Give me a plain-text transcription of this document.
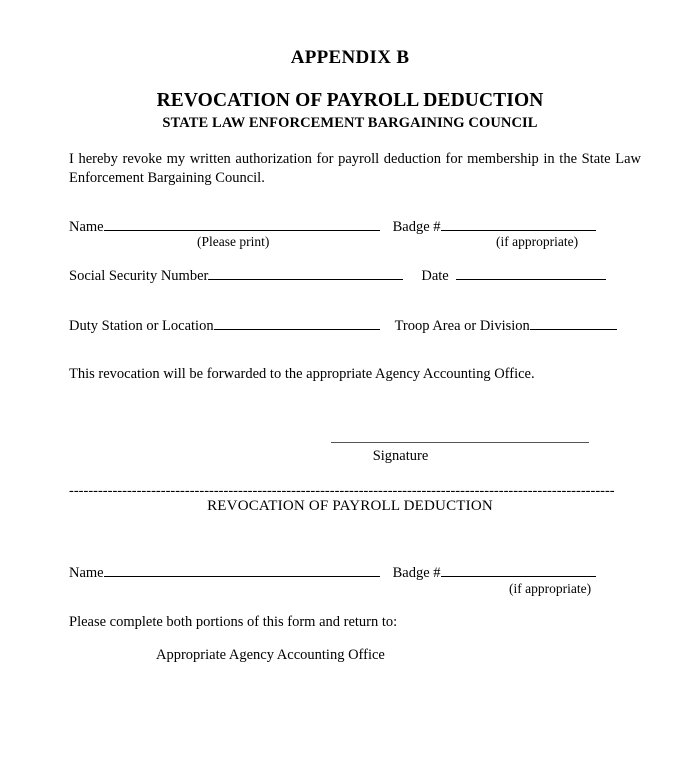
APPENDIX B
REVOCATION OF PAYROLL DEDUCTION
STATE LAW ENFORCEMENT BARGAINING COUNCIL
I hereby revoke my written authorization for payroll deduction for membership in the State Law Enforcement Bargaining Council.
Name	Badge #
(Please print)	(if appropriate)
Social Security Number	Date
Duty Station or Location	Troop Area or Division
This revocation will be forwarded to the appropriate Agency Accounting Office.
Signature
-----------------------------------------------------------------------------------------------------------------
REVOCATION OF PAYROLL DEDUCTION
Name	Badge #
(if appropriate)
Please complete both portions of this form and return to:
Appropriate Agency Accounting Office
